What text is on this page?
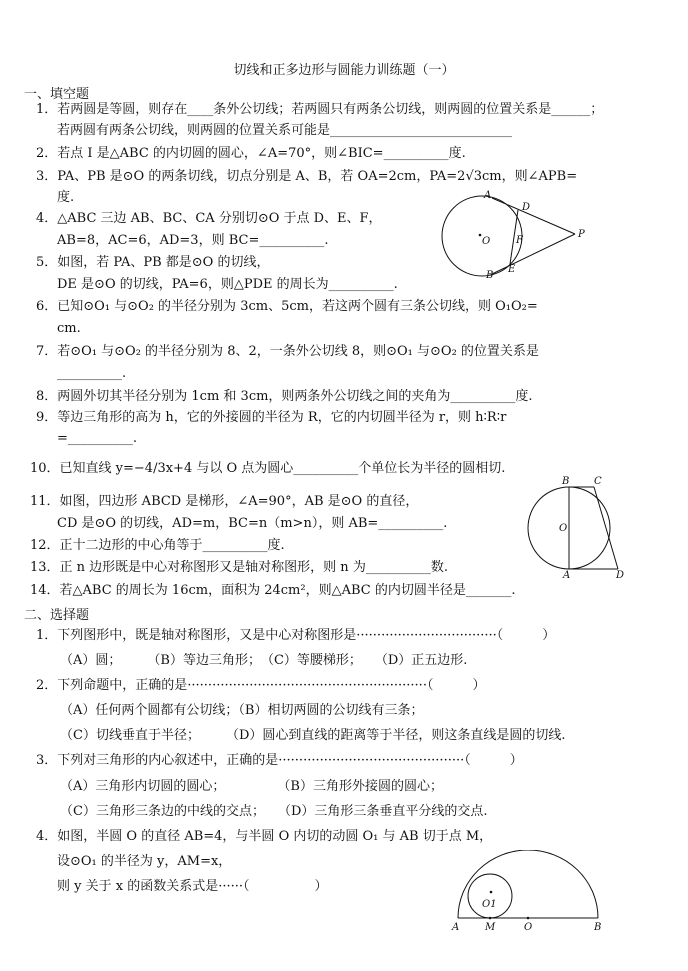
切线和正多边形与圆能力训练题（一）
一、填空题
1．若两圆是等圆，则存在____条外公切线；若两圆只有两条公切线，则两圆的位置关系是______；
若两圆有两条公切线，则两圆的位置关系可能是____________________________
2．若点 I 是△ABC 的内切圆的圆心，∠A=70°，则∠BIC=__________度.
3．PA、PB 是⊙O 的两条切线，切点分别是 A、B，若 OA=2cm，PA=2√3cm，则∠APB=
度.
4．△ABC 三边 AB、BC、CA 分别切⊙O 于点 D、E、F，
AB=8，AC=6，AD=3，则 BC=__________.
5．如图，若 PA、PB 都是⊙O 的切线，
DE 是⊙O 的切线，PA=6，则△PDE 的周长为__________.
6．已知⊙O₁ 与⊙O₂ 的半径分别为 3cm、5cm，若这两个圆有三条公切线，则 O₁O₂=
cm.
7．若⊙O₁ 与⊙O₂ 的半径分别为 8、2，一条外公切线 8，则⊙O₁ 与⊙O₂ 的位置关系是
__________.
8．两圆外切其半径分别为 1cm 和 3cm，则两条外公切线之间的夹角为__________度.
9．等边三角形的高为 h，它的外接圆的半径为 R，它的内切圆半径为 r，则 h∶R∶r
=__________.
10．已知直线 y=−4/3x+4 与以 O 点为圆心__________个单位长为半径的圆相切.
11．如图，四边形 ABCD 是梯形，∠A=90°，AB 是⊙O 的直径，
CD 是⊙O 的切线，AD=m，BC=n（m>n），则 AB=__________.
12．正十二边形的中心角等于__________度.
13．正 n 边形既是中心对称图形又是轴对称图形，则 n 为__________数.
14．若△ABC 的周长为 16cm，面积为 24cm²，则△ABC 的内切圆半径是_______.
二、选择题
1．下列图形中，既是轴对称图形，又是中心对称图形是··································（　　　）
（A）圆；　　　（B）等边三角形；　（C）等腰梯形；　　（D）正五边形.
2．下列命题中，正确的是··························································（　　　）
（A）任何两个圆都有公切线；（B）相切两圆的公切线有三条；
（C）切线垂直于半径；　　　（D）圆心到直线的距离等于半径，则这条直线是圆的切线.
3．下列对三角形的内心叙述中，正确的是·············································（　　　）
（A）三角形内切圆的圆心；　　　　　（B）三角形外接圆的圆心；
（C）三角形三条边的中线的交点；　　（D）三角形三条垂直平分线的交点.
4．如图，半圆 O 的直径 AB=4，与半圆 O 内切的动圆 O₁ 与 AB 切于点 M，
设⊙O₁ 的半径为 y，AM=x，
则 y 关于 x 的函数关系式是······（　　　　　）
A
D
O	F
P
B
E
B C
O
A	D
O1
A	M	O	B
